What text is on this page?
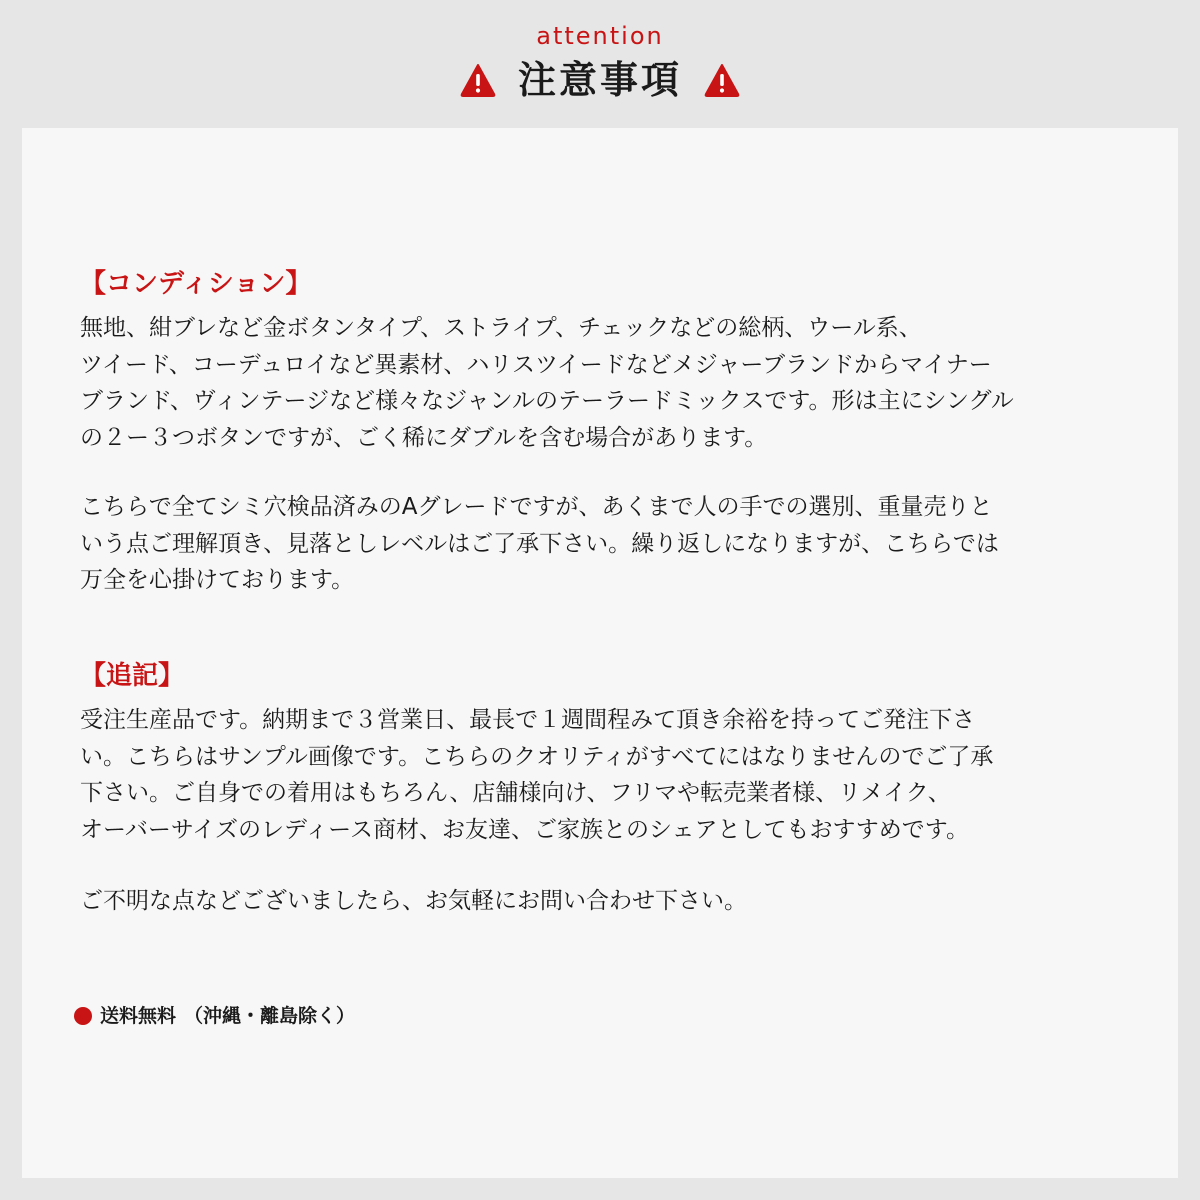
attention
注意事項
【コンディション】

無地、紺ブレなど金ボタンタイプ、ストライプ、チェックなどの総柄、ウール系、
ツイード、コーデュロイなど異素材、ハリスツイードなどメジャーブランドからマイナー
ブランド、ヴィンテージなど様々なジャンルのテーラードミックスです。形は主にシングル
の２ー３つボタンですが、ごく稀にダブルを含む場合があります。

こちらで全てシミ穴検品済みのAグレードですが、あくまで人の手での選別、重量売りと
いう点ご理解頂き、見落としレベルはご了承下さい。繰り返しになりますが、こちらでは
万全を心掛けております。

【追記】

受注生産品です。納期まで３営業日、最長で１週間程みて頂き余裕を持ってご発注下さ
い。こちらはサンプル画像です。こちらのクオリティがすべてにはなりませんのでご了承
下さい。ご自身での着用はもちろん、店舗様向け、フリマや転売業者様、リメイク、
オーバーサイズのレディース商材、お友達、ご家族とのシェアとしてもおすすめです。

ご不明な点などございましたら、お気軽にお問い合わせ下さい。

送料無料 （沖縄・離島除く）
